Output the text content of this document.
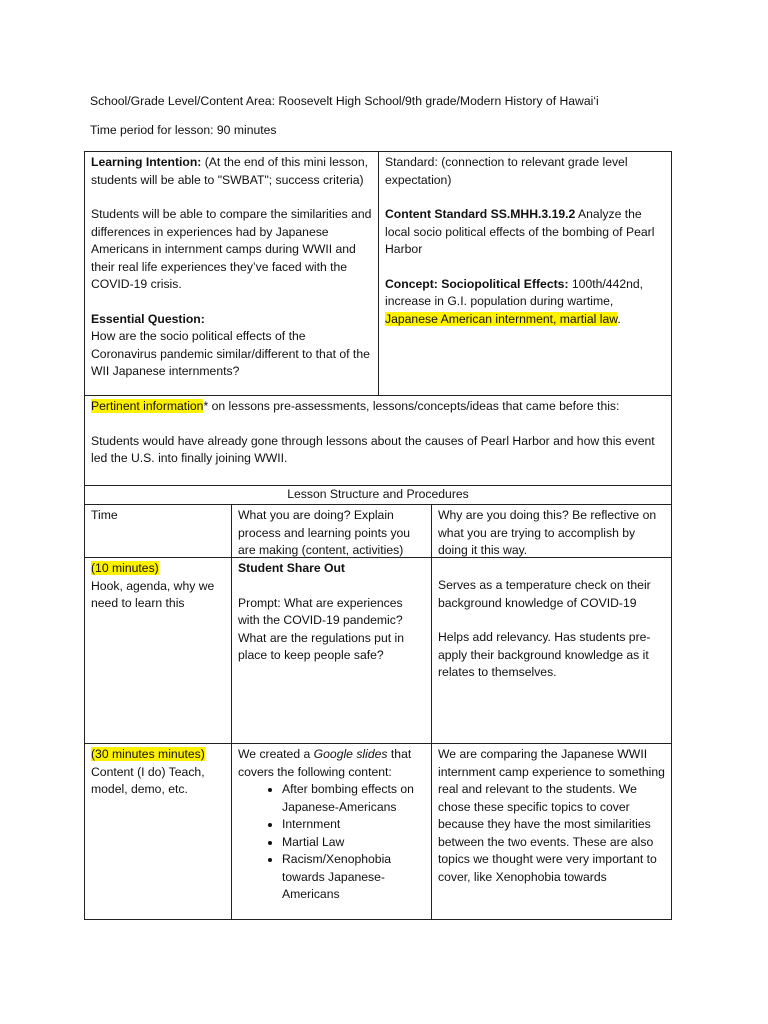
School/Grade Level/Content Area: Roosevelt High School/9th grade/Modern History of Hawai‘i
Time period for lesson: 90 minutes
Learning Intention: (At the end of this mini lesson, students will be able to "SWBAT"; success criteria)
Students will be able to compare the similarities and differences in experiences had by Japanese Americans in internment camps during WWII and their real life experiences they’ve faced with the COVID-19 crisis.
Essential Question:
How are the socio political effects of the Coronavirus pandemic similar/different to that of the WII Japanese internments?
Standard: (connection to relevant grade level expectation)
Content Standard SS.MHH.3.19.2 Analyze the local socio political effects of the bombing of Pearl Harbor
Concept: Sociopolitical Effects: 100th/442nd, increase in G.I. population during wartime, Japanese American internment, martial law.
Pertinent information* on lessons pre-assessments, lessons/concepts/ideas that came before this:
Students would have already gone through lessons about the causes of Pearl Harbor and how this event led the U.S. into finally joining WWII.
Lesson Structure and Procedures
Time	What you are doing? Explain process and learning points you are making (content, activities)
Why are you doing this? Be reflective on what you are trying to accomplish by doing it this way.
(10 minutes)
Hook, agenda, why we need to learn this
Student Share Out
Prompt: What are experiences with the COVID-19 pandemic? What are the regulations put in place to keep people safe?
Serves as a temperature check on their background knowledge of COVID-19
Helps add relevancy. Has students pre-apply their background knowledge as it relates to themselves.
(30 minutes minutes)
Content (I do) Teach, model, demo, etc.
We created a Google slides that covers the following content:
• After bombing effects on Japanese-Americans
• Internment
• Martial Law
• Racism/Xenophobia towards Japanese-Americans
We are comparing the Japanese WWII internment camp experience to something real and relevant to the students. We chose these specific topics to cover because they have the most similarities between the two events. These are also topics we thought were very important to cover, like Xenophobia towards
